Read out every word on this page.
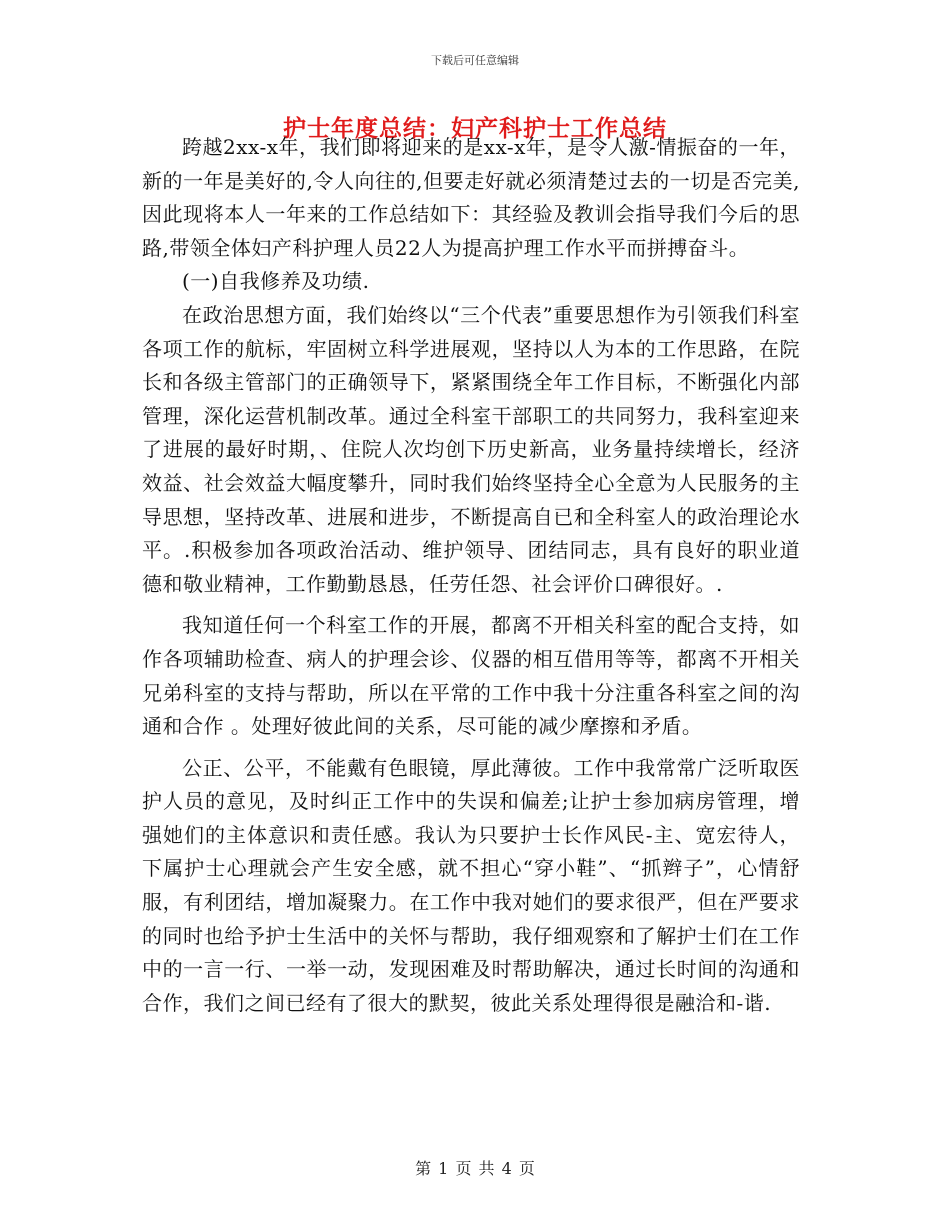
下载后可任意编辑
护士年度总结：妇产科护士工作总结

跨越2xx-x年，我们即将迎来的是xx-x年，是令人激-情振奋的一年，新的一年是美好的,令人向往的,但要走好就必须清楚过去的一切是否完美,因此现将本人一年来的工作总结如下：其经验及教训会指导我们今后的思路,带领全体妇产科护理人员22人为提高护理工作水平而拼搏奋斗。

(一)自我修养及功绩.

在政治思想方面，我们始终以“三个代表”重要思想作为引领我们科室各项工作的航标，牢固树立科学进展观，坚持以人为本的工作思路，在院长和各级主管部门的正确领导下，紧紧围绕全年工作目标，不断强化内部管理，深化运营机制改革。通过全科室干部职工的共同努力，我科室迎来了进展的最好时期，、住院人次均创下历史新高，业务量持续增长，经济效益、社会效益大幅度攀升，同时我们始终坚持全心全意为人民服务的主导思想，坚持改革、进展和进步，不断提高自已和全科室人的政治理论水平。.积极参加各项政治活动、维护领导、团结同志，具有良好的职业道德和敬业精神，工作勤勤恳恳，任劳任怨、社会评价口碑很好。.

我知道任何一个科室工作的开展，都离不开相关科室的配合支持，如作各项辅助检查、病人的护理会诊、仪器的相互借用等等，都离不开相关兄弟科室的支持与帮助，所以在平常的工作中我十分注重各科室之间的沟通和合作 。处理好彼此间的关系，尽可能的减少摩擦和矛盾。

公正、公平，不能戴有色眼镜，厚此薄彼。工作中我常常广泛听取医护人员的意见，及时纠正工作中的失误和偏差;让护士参加病房管理，增强她们的主体意识和责任感。我认为只要护士长作风民-主、宽宏待人，下属护士心理就会产生安全感，就不担心“穿小鞋”、“抓辫子”，心情舒服，有利团结，增加凝聚力。在工作中我对她们的要求很严，但在严要求的同时也给予护士生活中的关怀与帮助，我仔细观察和了解护士们在工作中的一言一行、一举一动，发现困难及时帮助解决，通过长时间的沟通和合作，我们之间已经有了很大的默契，彼此关系处理得很是融洽和-谐.

第 1 页 共 4 页
